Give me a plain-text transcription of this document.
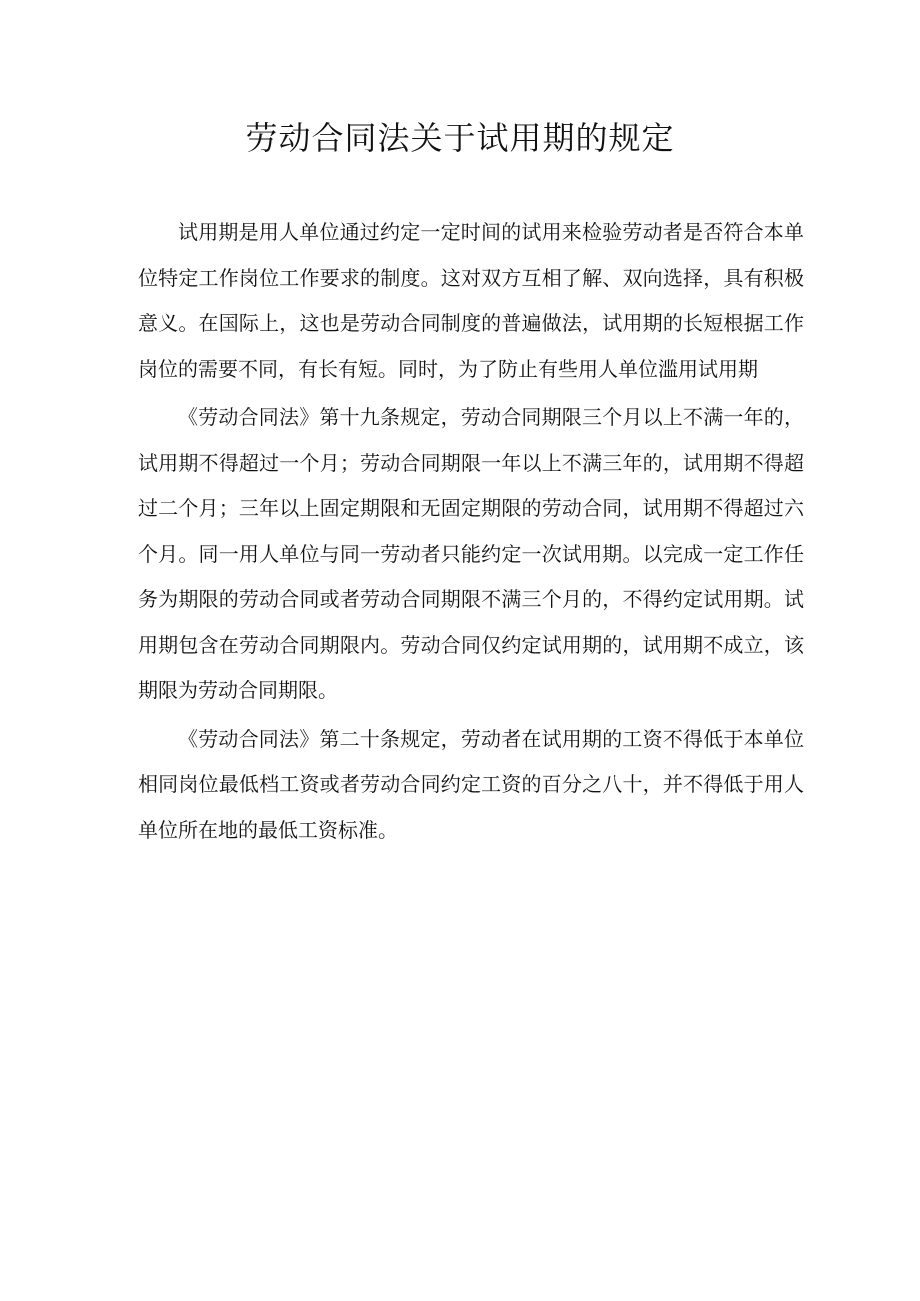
劳动合同法关于试用期的规定

试用期是用人单位通过约定一定时间的试用来检验劳动者是否符合本单位特定工作岗位工作要求的制度。这对双方互相了解、双向选择，具有积极意义。在国际上，这也是劳动合同制度的普遍做法，试用期的长短根据工作岗位的需要不同，有长有短。同时，为了防止有些用人单位滥用试用期

《劳动合同法》第十九条规定，劳动合同期限三个月以上不满一年的，试用期不得超过一个月；劳动合同期限一年以上不满三年的，试用期不得超过二个月；三年以上固定期限和无固定期限的劳动合同，试用期不得超过六个月。同一用人单位与同一劳动者只能约定一次试用期。以完成一定工作任务为期限的劳动合同或者劳动合同期限不满三个月的，不得约定试用期。试用期包含在劳动合同期限内。劳动合同仅约定试用期的，试用期不成立，该期限为劳动合同期限。

《劳动合同法》第二十条规定，劳动者在试用期的工资不得低于本单位相同岗位最低档工资或者劳动合同约定工资的百分之八十，并不得低于用人单位所在地的最低工资标准。
